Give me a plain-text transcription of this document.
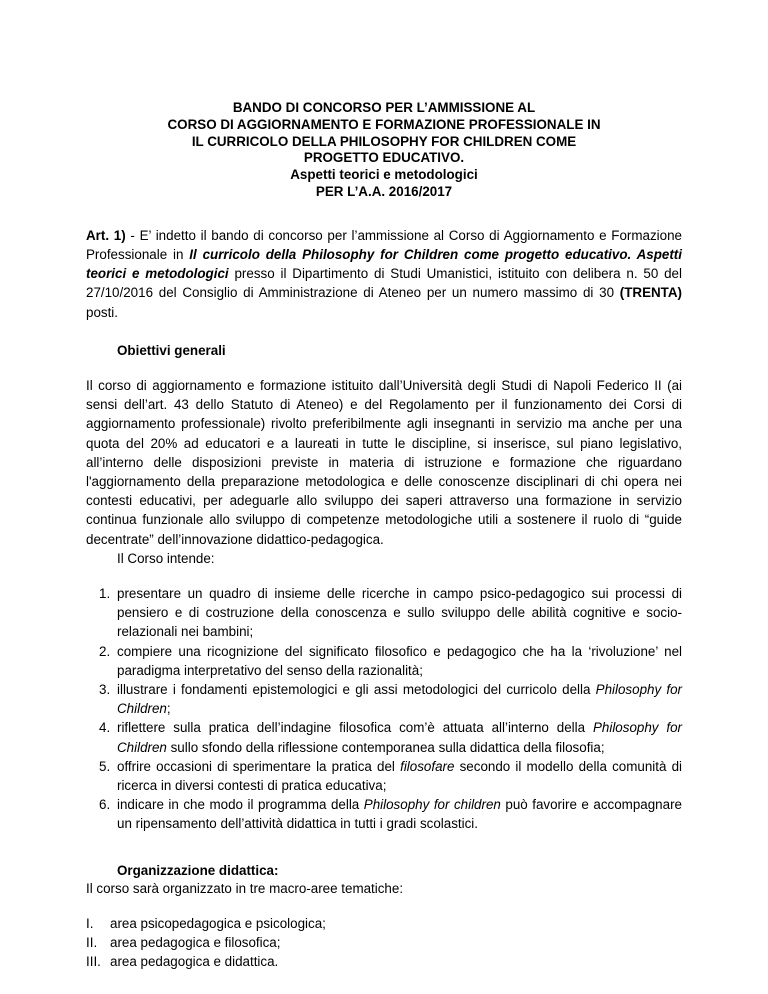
BANDO DI CONCORSO PER L’AMMISSIONE AL
CORSO DI AGGIORNAMENTO E FORMAZIONE PROFESSIONALE IN
IL CURRICOLO DELLA PHILOSOPHY FOR CHILDREN COME
PROGETTO EDUCATIVO.
Aspetti teorici e metodologici
PER L’A.A. 2016/2017

Art. 1) - E’ indetto il bando di concorso per l’ammissione al Corso di Aggiornamento e Formazione Professionale in Il curricolo della Philosophy for Children come progetto educativo. Aspetti teorici e metodologici presso il Dipartimento di Studi Umanistici, istituito con delibera n. 50 del 27/10/2016 del Consiglio di Amministrazione di Ateneo per un numero massimo di 30 (TRENTA) posti.

Obiettivi generali

Il corso di aggiornamento e formazione istituito dall’Università degli Studi di Napoli Federico II (ai sensi dell’art. 43 dello Statuto di Ateneo) e del Regolamento per il funzionamento dei Corsi di aggiornamento professionale) rivolto preferibilmente agli insegnanti in servizio ma anche per una quota del 20% ad educatori e a laureati in tutte le discipline, si inserisce, sul piano legislativo, all’interno delle disposizioni previste in materia di istruzione e formazione che riguardano l'aggiornamento della preparazione metodologica e delle conoscenze disciplinari di chi opera nei contesti educativi, per adeguarle allo sviluppo dei saperi attraverso una formazione in servizio continua funzionale allo sviluppo di competenze metodologiche utili a sostenere il ruolo di “guide decentrate” dell’innovazione didattico-pedagogica.

Il Corso intende:

1. presentare un quadro di insieme delle ricerche in campo psico-pedagogico sui processi di pensiero e di costruzione della conoscenza e sullo sviluppo delle abilità cognitive e socio-relazionali nei bambini;
2. compiere una ricognizione del significato filosofico e pedagogico che ha la ‘rivoluzione’ nel paradigma interpretativo del senso della razionalità;
3. illustrare i fondamenti epistemologici e gli assi metodologici del curricolo della Philosophy for Children;
4. riflettere sulla pratica dell’indagine filosofica com’è attuata all’interno della Philosophy for Children sullo sfondo della riflessione contemporanea sulla didattica della filosofia;
5. offrire occasioni di sperimentare la pratica del filosofare secondo il modello della comunità di ricerca in diversi contesti di pratica educativa;
6. indicare in che modo il programma della Philosophy for children può favorire e accompagnare un ripensamento dell’attività didattica in tutti i gradi scolastici.
Organizzazione didattica:

Il corso sarà organizzato in tre macro-aree tematiche:

I. area psicopedagogica e psicologica;
II. area pedagogica e filosofica;
III. area pedagogica e didattica.
